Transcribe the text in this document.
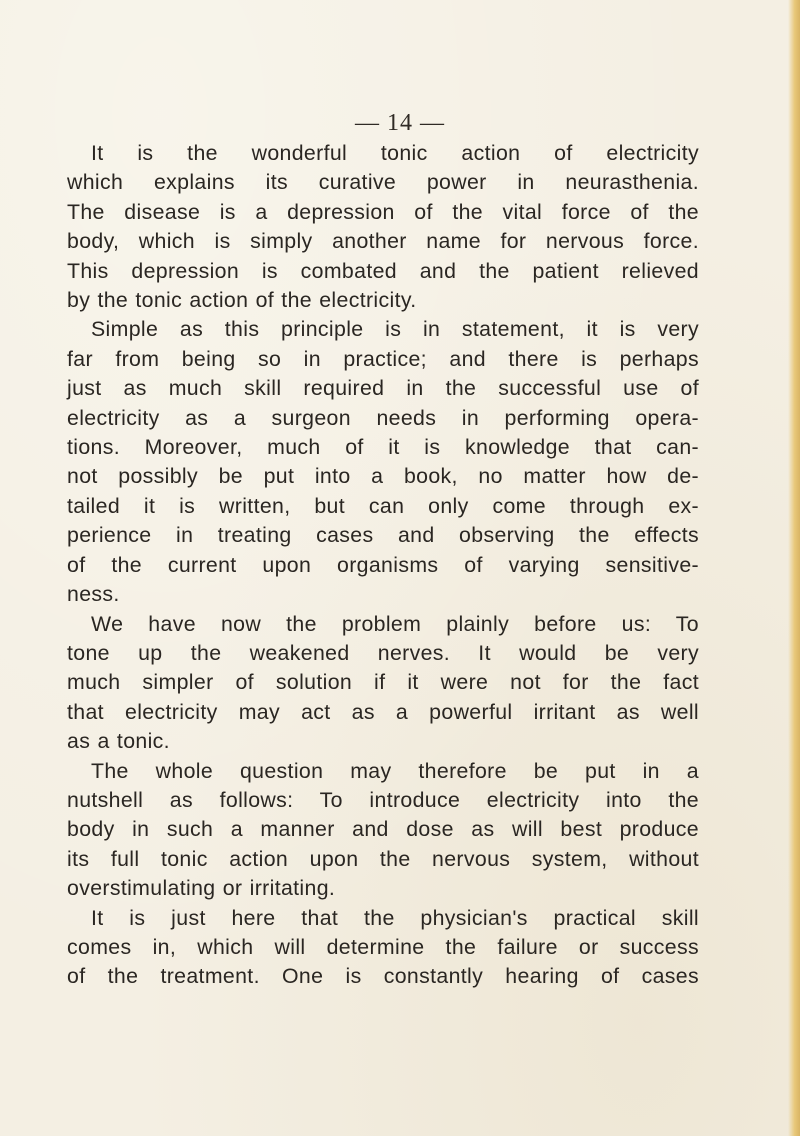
— 14 —

It is the wonderful tonic action of electricity
which explains its curative power in neurasthenia.
The disease is a depression of the vital force of the
body, which is simply another name for nervous force.
This depression is combated and the patient relieved
by the tonic action of the electricity.

Simple as this principle is in statement, it is very
far from being so in practice; and there is perhaps
just as much skill required in the successful use of
electricity as a surgeon needs in performing opera-
tions. Moreover, much of it is knowledge that can-
not possibly be put into a book, no matter how de-
tailed it is written, but can only come through ex-
perience in treating cases and observing the effects
of the current upon organisms of varying sensitive-
ness.

We have now the problem plainly before us: To
tone up the weakened nerves. It would be very
much simpler of solution if it were not for the fact
that electricity may act as a powerful irritant as well
as a tonic.

The whole question may therefore be put in a
nutshell as follows: To introduce electricity into the
body in such a manner and dose as will best produce
its full tonic action upon the nervous system, without
overstimulating or irritating.

It is just here that the physician's practical skill
comes in, which will determine the failure or success
of the treatment. One is constantly hearing of cases
